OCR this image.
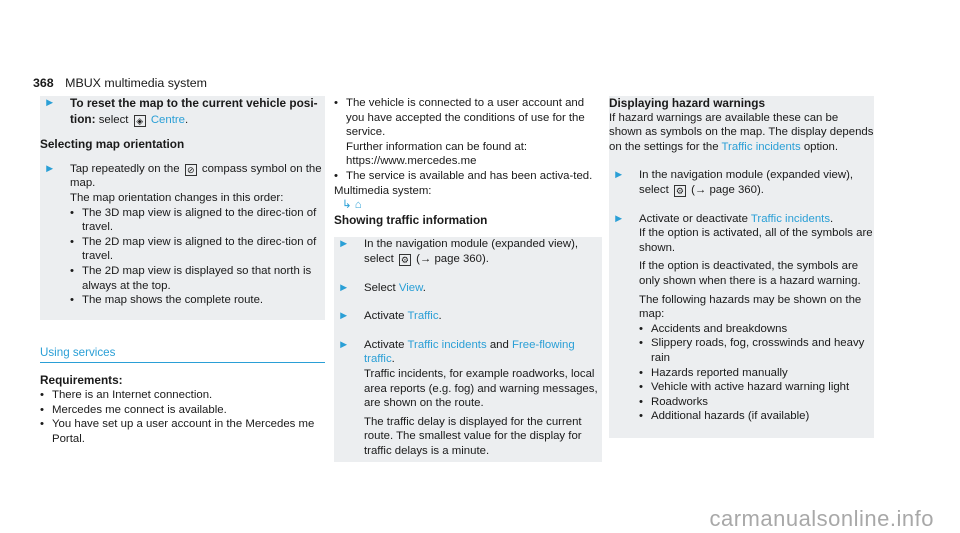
368 MBUX multimedia system
►	To reset the map to the current vehicle posi-
tion: select ◈ Centre.
Selecting map orientation
►	Tap repeatedly on the ⊘ compass symbol on the map.
The map orientation changes in this order:
•
The 3D map view is aligned to the direc-tion of travel.
•
The 2D map view is aligned to the direc-tion of travel.
•
The 2D map view is displayed so that north is always at the top.
•
The map shows the complete route.
Using services
Requirements:
•
There is an Internet connection.
•
Mercedes me connect is available.
•
You have set up a user account in the Mercedes me Portal.
•
The vehicle is connected to a user account and you have accepted the conditions of use for the service.
Further information can be found at: https://www.mercedes.me
•
The service is available and has been activa-ted.
Multimedia system:
↳ ⌂
Showing traffic information
►	In the navigation module (expanded view), select ⚙ (→ page 360).
►	Select View.
►	Activate Traffic.
►	Activate Traffic incidents and Free-flowing traffic.
Traffic incidents, for example roadworks, local area reports (e.g. fog) and warning messages, are shown on the route.
The traffic delay is displayed for the current route. The smallest value for the display for traffic delays is a minute.
Displaying hazard warnings
If hazard warnings are available these can be shown as symbols on the map. The display depends on the settings for the Traffic incidents option.
►	In the navigation module (expanded view), select ⚙ (→ page 360).
►	Activate or deactivate Traffic incidents.
If the option is activated, all of the symbols are shown.
If the option is deactivated, the symbols are only shown when there is a hazard warning.
The following hazards may be shown on the map:
•
Accidents and breakdowns
•
Slippery roads, fog, crosswinds and heavy rain
•
Hazards reported manually
•
Vehicle with active hazard warning light
•
Roadworks
•
Additional hazards (if available)
carmanualsonline.info
